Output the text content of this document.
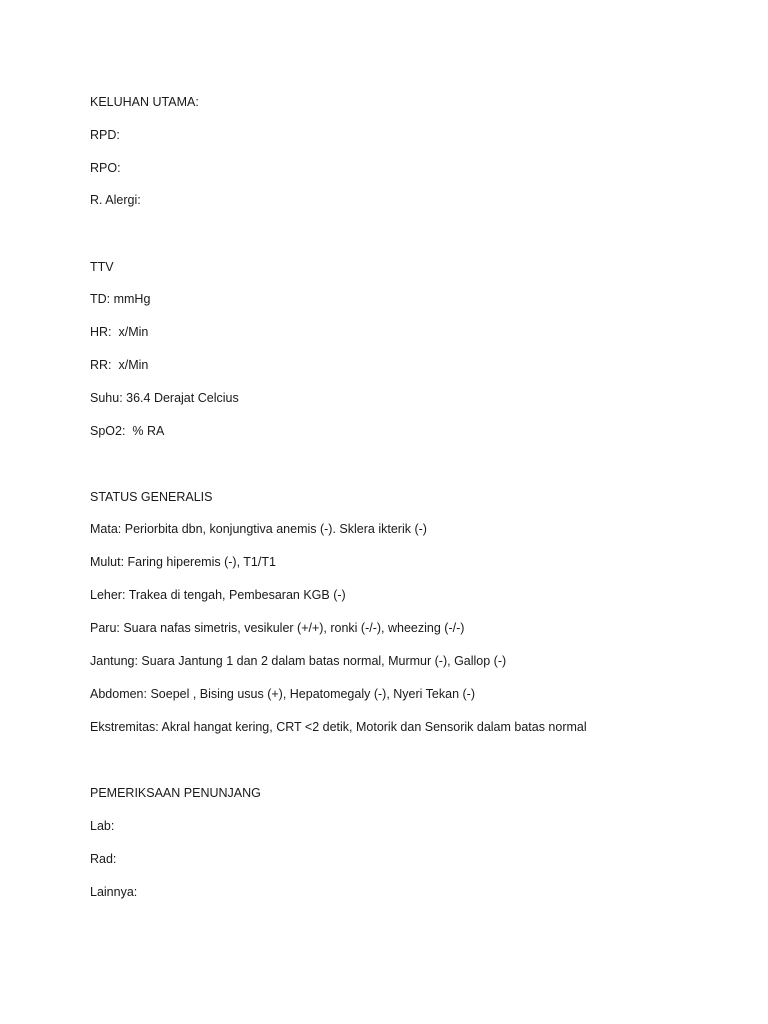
KELUHAN UTAMA:

RPD:

RPO:

R. Alergi:

TTV

TD: mmHg

HR:  x/Min

RR:  x/Min

Suhu: 36.4 Derajat Celcius

SpO2:  % RA

STATUS GENERALIS

Mata: Periorbita dbn, konjungtiva anemis (-). Sklera ikterik (-)

Mulut: Faring hiperemis (-), T1/T1

Leher: Trakea di tengah, Pembesaran KGB (-)

Paru: Suara nafas simetris, vesikuler (+/+), ronki (-/-), wheezing (-/-)

Jantung: Suara Jantung 1 dan 2 dalam batas normal, Murmur (-), Gallop (-)

Abdomen: Soepel , Bising usus (+), Hepatomegaly (-), Nyeri Tekan (-)

Ekstremitas: Akral hangat kering, CRT <2 detik, Motorik dan Sensorik dalam batas normal

PEMERIKSAAN PENUNJANG

Lab:

Rad:

Lainnya:
